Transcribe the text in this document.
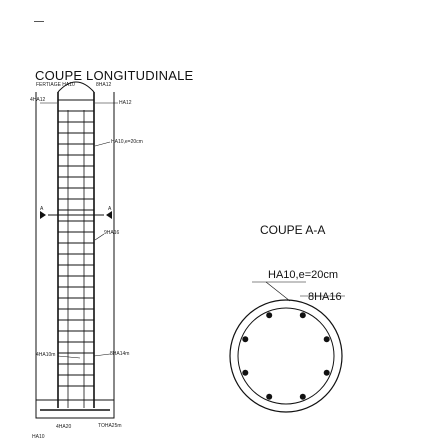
COUPE LONGITUDINALE
FERTIAGE HA10	8HA12
HA12
4HA12
HA10,e=20cm
9HA16
4HA10m	8HA14m
HA10
4HA20	TOHA25m
A	A
COUPE A-A
HA10,e=20cm
8HA16
